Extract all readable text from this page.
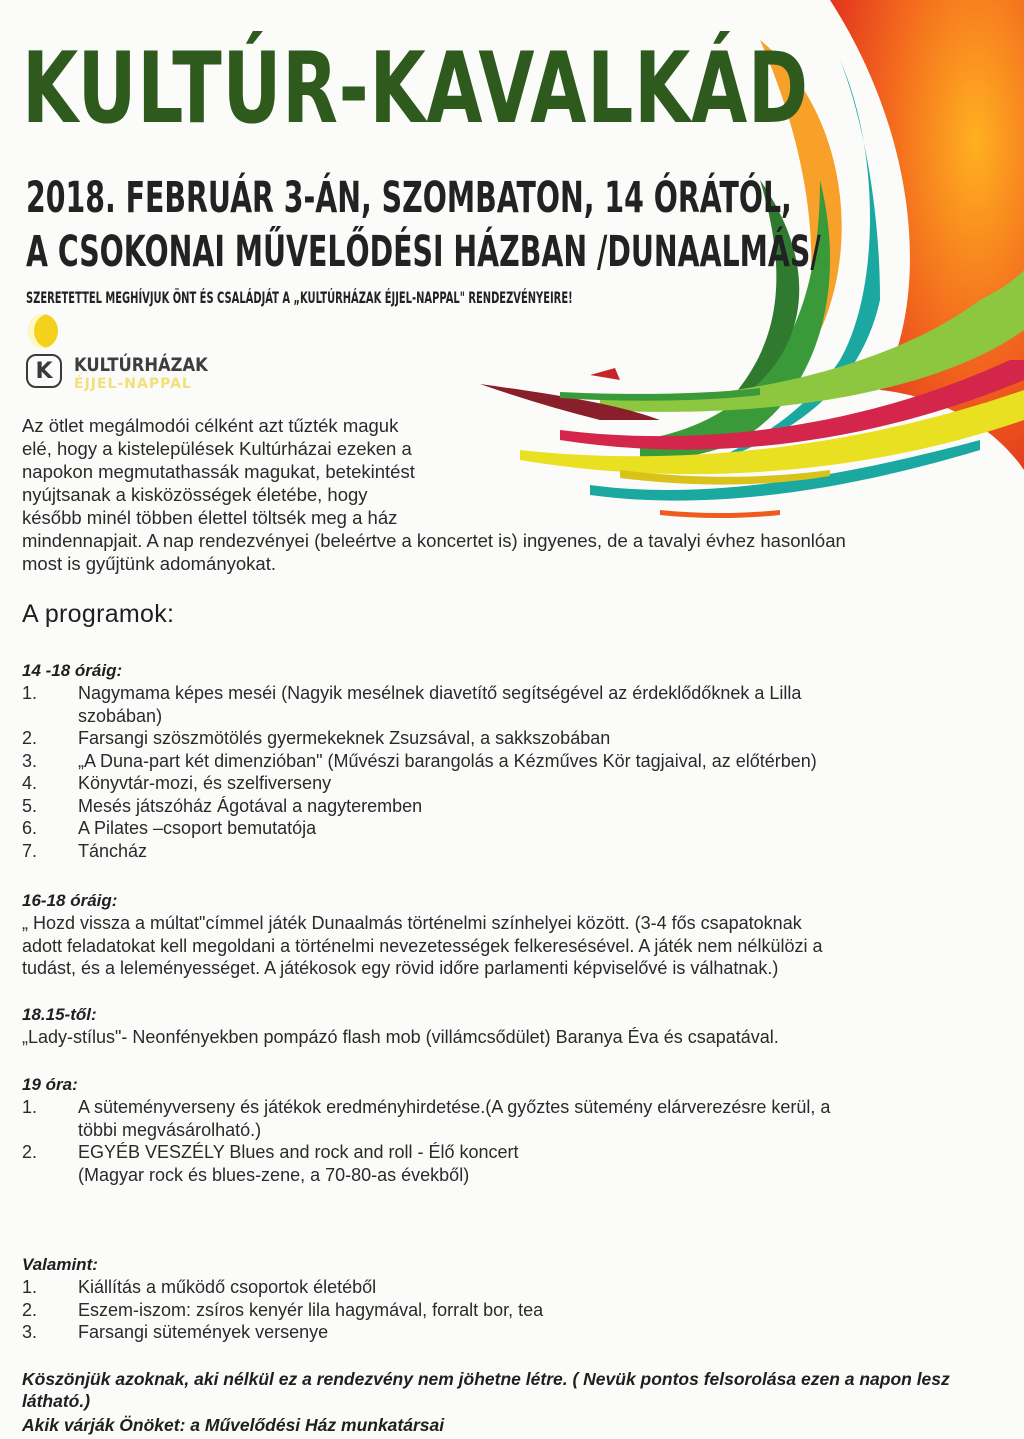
KULTÚR-KAVALKÁD

2018. FEBRUÁR 3-ÁN, SZOMBATON, 14 ÓRÁTÓL,

A CSOKONAI MŰVELŐDÉSI HÁZBAN /DUNAALMÁS/

SZERETETTEL MEGHÍVJUK ÖNT ÉS CSALÁDJÁT A „KULTÚRHÁZAK ÉJJEL-NAPPAL" RENDEZVÉNYEIRE!

K	KULTÚRHÁZAK

ÉJJEL-NAPPAL

Az ötlet megálmodói célként azt tűzték maguk
elé, hogy a kistelepülések Kultúrházai ezeken a
napokon megmutathassák magukat, betekintést
nyújtsanak a kisközösségek életébe, hogy
később minél többen élettel töltsék meg a ház
mindennapjait. A nap rendezvényei (beleértve a koncertet is) ingyenes, de a tavalyi évhez hasonlóan
most is gyűjtünk adományokat.

A programok:

14 -18 óráig:

1. Nagymama képes meséi (Nagyik mesélnek diavetítő segítségével az érdeklődőknek a Lilla
szobában)
2. Farsangi szöszmötölés gyermekeknek Zsuzsával, a sakkszobában
3. „A Duna-part két dimenzióban" (Művészi barangolás a Kézműves Kör tagjaival, az előtérben)
4. Könyvtár-mozi, és szelfiverseny
5. Mesés játszóház Ágotával a nagyteremben
6. A Pilates –csoport bemutatója
7. Táncház

16-18 óráig:

„ Hozd vissza a múltat"címmel játék Dunaalmás történelmi színhelyei között. (3-4 fős csapatoknak

adott feladatokat kell megoldani a történelmi nevezetességek felkeresésével. A játék nem nélkülözi a

tudást, és a leleményességet. A játékosok egy rövid időre parlamenti képviselővé is válhatnak.)

18.15-től:

„Lady-stílus"- Neonfényekben pompázó flash mob (villámcsődület) Baranya Éva és csapatával.

19 óra:

1. A süteményverseny és játékok eredményhirdetése.(A győztes sütemény elárverezésre kerül, a
többi megvásárolható.)
2. EGYÉB VESZÉLY Blues and rock and roll - Élő koncert
(Magyar rock és blues-zene, a 70-80-as évekből)

Valamint:

1. Kiállítás a működő csoportok életéből
2. Eszem-iszom: zsíros kenyér lila hagymával, forralt bor, tea
3. Farsangi sütemények versenye

Köszönjük azoknak, aki nélkül ez a rendezvény nem jöhetne létre. ( Nevük pontos felsorolása ezen a napon lesz látható.)

Akik várják Önöket: a Művelődési Ház munkatársai
